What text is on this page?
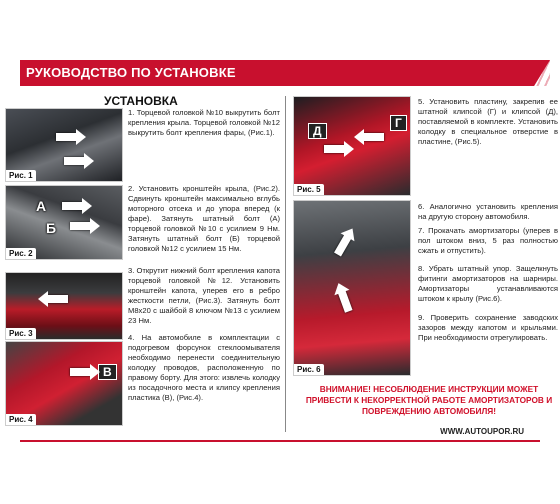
РУКОВОДСТВО ПО УСТАНОВКЕ
УСТАНОВКА
Рис. 1
А
Б
Рис. 2
Рис. 3
В
Рис. 4
Д
Г
Рис. 5
Рис. 6
1. Торцевой головкой №10 выкрутить болт крепления крыла. Торцевой головкой №12 выкрутить болт крепления фары, (Рис.1).
2. Установить кронштейн крыла, (Рис.2). Сдвинуть кронштейн максимально вглубь моторного отсека и до упора вперед (к фаре). Затянуть штатный болт (А) торцевой головкой №10 с усилием 9 Нм. Затянуть штатный болт (Б) торцевой головкой №12 с усилием 15 Нм.
3. Открутит нижний болт крепления капота торцевой головкой №12. Установить кронштейн капота, уперев его в ребро жесткости петли, (Рис.3). Затянуть болт М8х20 с шайбой 8 ключом №13 с усилием 23 Нм.
4. На автомобиле в комплектации с подогревом форсунок стеклоомывателя необходимо перенести соединительную колодку проводов, расположенную по правому борту. Для этого: извлечь колодку из посадочного места и клипсу крепления пластика (В), (Рис.4).
5. Установить пластину, закрепив ее штатной клипсой (Г) и клипсой (Д), поставляемой в комплекте. Установить колодку в специальное отверстие в пластине, (Рис.5).
6. Аналогично установить крепления на другую сторону автомобиля.
7. Прокачать амортизаторы (уперев в пол штоком вниз, 5 раз полностью сжать и отпустить).
8. Убрать штатный упор. Защелкнуть фитинги амортизаторов на шарниры. Амортизаторы устанавливаются штоком к крылу (Рис.6).
9. Проверить сохранение заводских зазоров между капотом и крыльями. При необходимости отрегулировать.
ВНИМАНИЕ! НЕСОБЛЮДЕНИЕ ИНСТРУКЦИИ МОЖЕТ ПРИВЕСТИ К НЕКОРРЕКТНОЙ РАБОТЕ АМОРТИЗАТОРОВ И ПОВРЕЖДЕНИЮ АВТОМОБИЛЯ!
WWW.AUTOUPOR.RU
